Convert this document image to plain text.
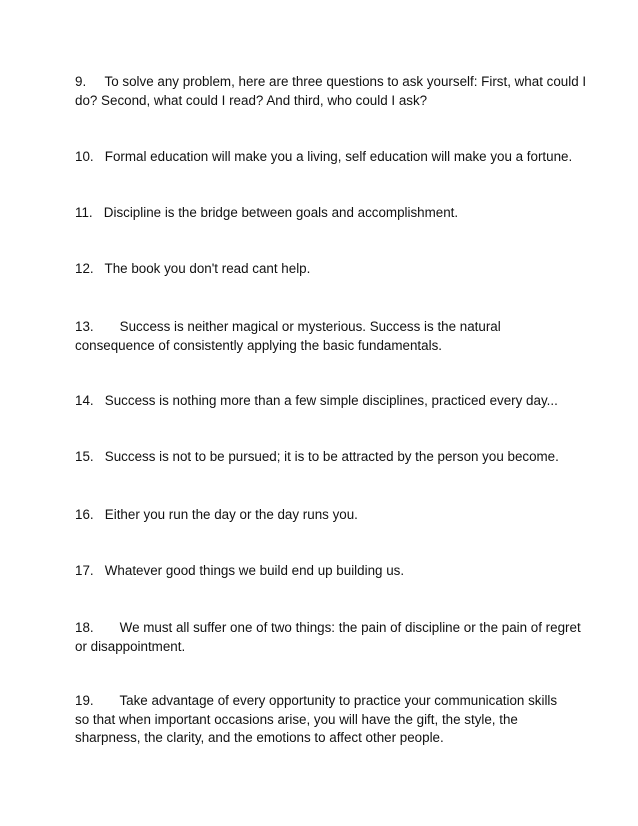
9. To solve any problem, here are three questions to ask yourself: First, what could I
do? Second, what could I read? And third, who could I ask?

10. Formal education will make you a living, self education will make you a fortune.

11. Discipline is the bridge between goals and accomplishment.

12. The book you don't read cant help.

13. Success is neither magical or mysterious. Success is the natural
consequence of consistently applying the basic fundamentals.

14. Success is nothing more than a few simple disciplines, practiced every day...

15. Success is not to be pursued; it is to be attracted by the person you become.

16. Either you run the day or the day runs you.

17. Whatever good things we build end up building us.

18. We must all suffer one of two things: the pain of discipline or the pain of regret
or disappointment.

19. Take advantage of every opportunity to practice your communication skills
so that when important occasions arise, you will have the gift, the style, the
sharpness, the clarity, and the emotions to affect other people.
